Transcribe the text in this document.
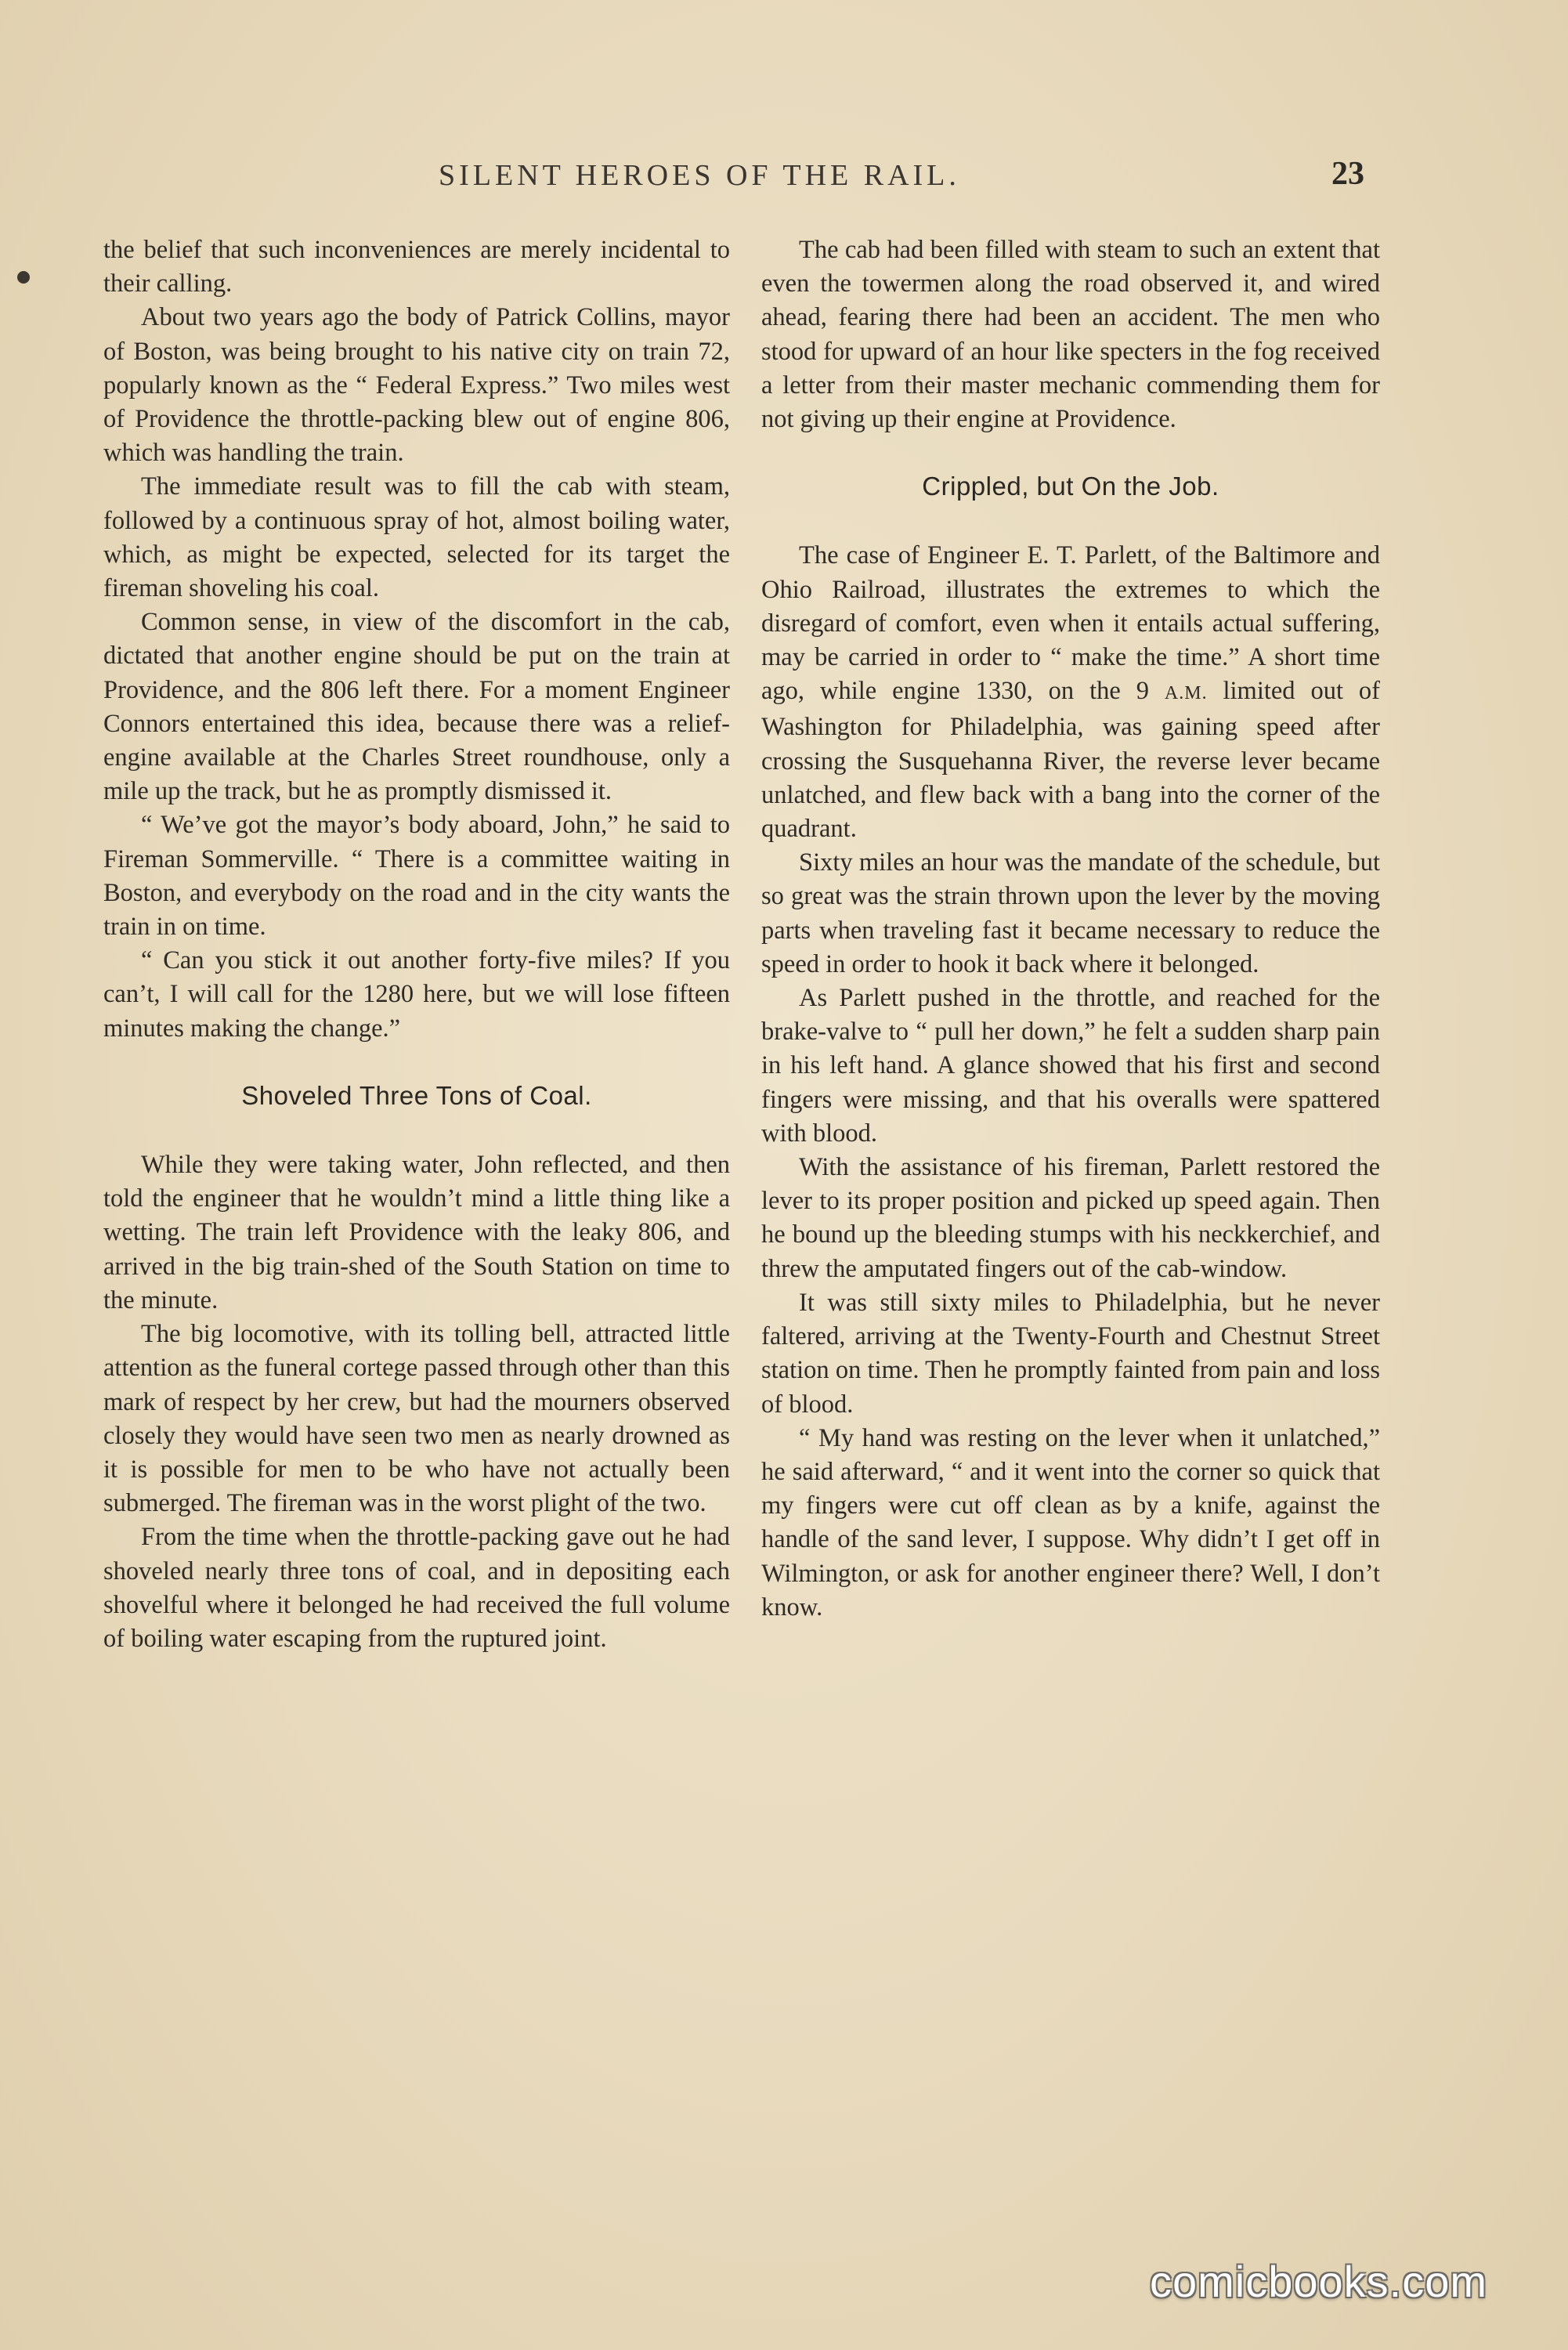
SILENT HEROES OF THE RAIL.	23

the belief that such inconveniences are merely incidental to their calling.

About two years ago the body of Patrick Collins, mayor of Boston, was being brought to his native city on train 72, popularly known as the “ Federal Express.” Two miles west of Providence the throttle-packing blew out of engine 806, which was handling the train.

The immediate result was to fill the cab with steam, followed by a continuous spray of hot, almost boiling water, which, as might be expected, selected for its target the fireman shoveling his coal.

Common sense, in view of the discomfort in the cab, dictated that another engine should be put on the train at Providence, and the 806 left there. For a moment Engineer Connors entertained this idea, because there was a relief-engine available at the Charles Street roundhouse, only a mile up the track, but he as promptly dismissed it.

“ We’ve got the mayor’s body aboard, John,” he said to Fireman Sommerville. “ There is a committee waiting in Boston, and everybody on the road and in the city wants the train in on time.

“ Can you stick it out another forty-five miles? If you can’t, I will call for the 1280 here, but we will lose fifteen minutes making the change.”

Shoveled Three Tons of Coal.

While they were taking water, John reflected, and then told the engineer that he wouldn’t mind a little thing like a wetting. The train left Providence with the leaky 806, and arrived in the big train-shed of the South Station on time to the minute.

The big locomotive, with its tolling bell, attracted little attention as the funeral cortege passed through other than this mark of respect by her crew, but had the mourners observed closely they would have seen two men as nearly drowned as it is possible for men to be who have not actually been submerged. The fireman was in the worst plight of the two.

From the time when the throttle-packing gave out he had shoveled nearly three tons of coal, and in depositing each shovelful where it belonged he had received the full volume of boiling water escaping from the ruptured joint.

The cab had been filled with steam to such an extent that even the towermen along the road observed it, and wired ahead, fearing there had been an accident. The men who stood for upward of an hour like specters in the fog received a letter from their master mechanic commending them for not giving up their engine at Providence.

Crippled, but On the Job.

The case of Engineer E. T. Parlett, of the Baltimore and Ohio Railroad, illustrates the extremes to which the disregard of comfort, even when it entails actual suffering, may be carried in order to “ make the time.” A short time ago, while engine 1330, on the 9 A.M. limited out of Washington for Philadelphia, was gaining speed after crossing the Susquehanna River, the reverse lever became unlatched, and flew back with a bang into the corner of the quadrant.

Sixty miles an hour was the mandate of the schedule, but so great was the strain thrown upon the lever by the moving parts when traveling fast it became necessary to reduce the speed in order to hook it back where it belonged.

As Parlett pushed in the throttle, and reached for the brake-valve to “ pull her down,” he felt a sudden sharp pain in his left hand. A glance showed that his first and second fingers were missing, and that his overalls were spattered with blood.

With the assistance of his fireman, Parlett restored the lever to its proper position and picked up speed again. Then he bound up the bleeding stumps with his neckkerchief, and threw the amputated fingers out of the cab-window.

It was still sixty miles to Philadelphia, but he never faltered, arriving at the Twenty-Fourth and Chestnut Street station on time. Then he promptly fainted from pain and loss of blood.

“ My hand was resting on the lever when it unlatched,” he said afterward, “ and it went into the corner so quick that my fingers were cut off clean as by a knife, against the handle of the sand lever, I suppose. Why didn’t I get off in Wilmington, or ask for another engineer there? Well, I don’t know.

comicbooks.com
